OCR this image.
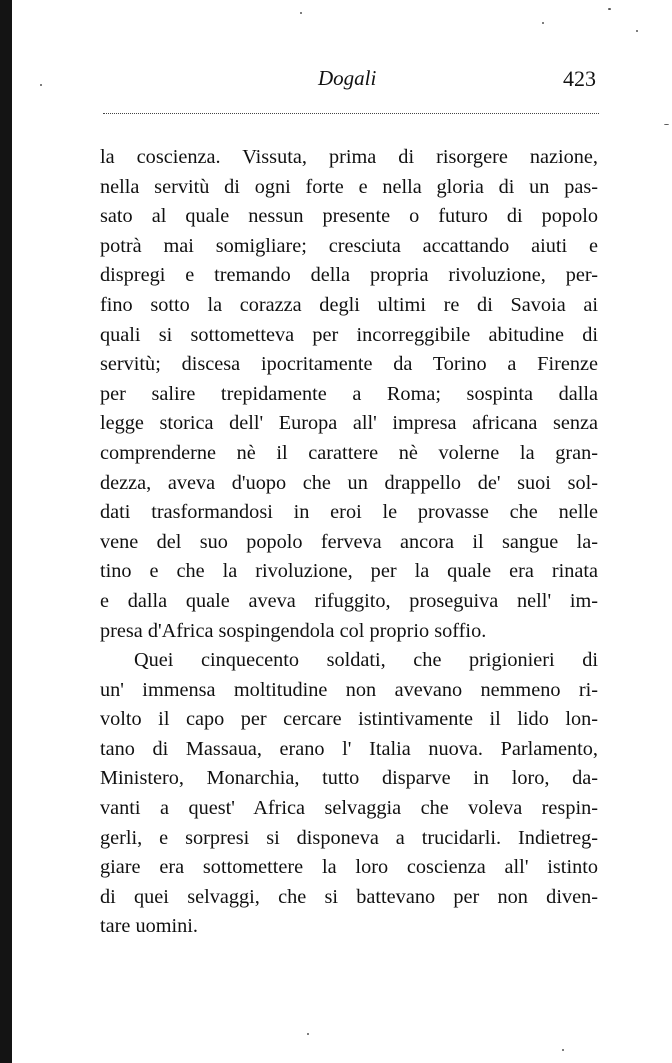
Dogali	423

la coscienza. Vissuta, prima di risorgere nazione,
nella servitù di ogni forte e nella gloria di un pas-
sato al quale nessun presente o futuro di popolo
potrà mai somigliare; cresciuta accattando aiuti e
dispregi e tremando della propria rivoluzione, per-
fino sotto la corazza degli ultimi re di Savoia ai
quali si sottometteva per incorreggibile abitudine di
servitù; discesa ipocritamente da Torino a Firenze
per salire trepidamente a Roma; sospinta dalla
legge storica dell' Europa all' impresa africana senza
comprenderne nè il carattere nè volerne la gran-
dezza, aveva d'uopo che un drappello de' suoi sol-
dati trasformandosi in eroi le provasse che nelle
vene del suo popolo ferveva ancora il sangue la-
tino e che la rivoluzione, per la quale era rinata
e dalla quale aveva rifuggito, proseguiva nell' im-
presa d'Africa sospingendola col proprio soffio.

Quei cinquecento soldati, che prigionieri di
un' immensa moltitudine non avevano nemmeno ri-
volto il capo per cercare istintivamente il lido lon-
tano di Massaua, erano l' Italia nuova. Parlamento,
Ministero, Monarchia, tutto disparve in loro, da-
vanti a quest' Africa selvaggia che voleva respin-
gerli, e sorpresi si disponeva a trucidarli. Indietreg-
giare era sottomettere la loro coscienza all' istinto
di quei selvaggi, che si battevano per non diven-
tare uomini.
